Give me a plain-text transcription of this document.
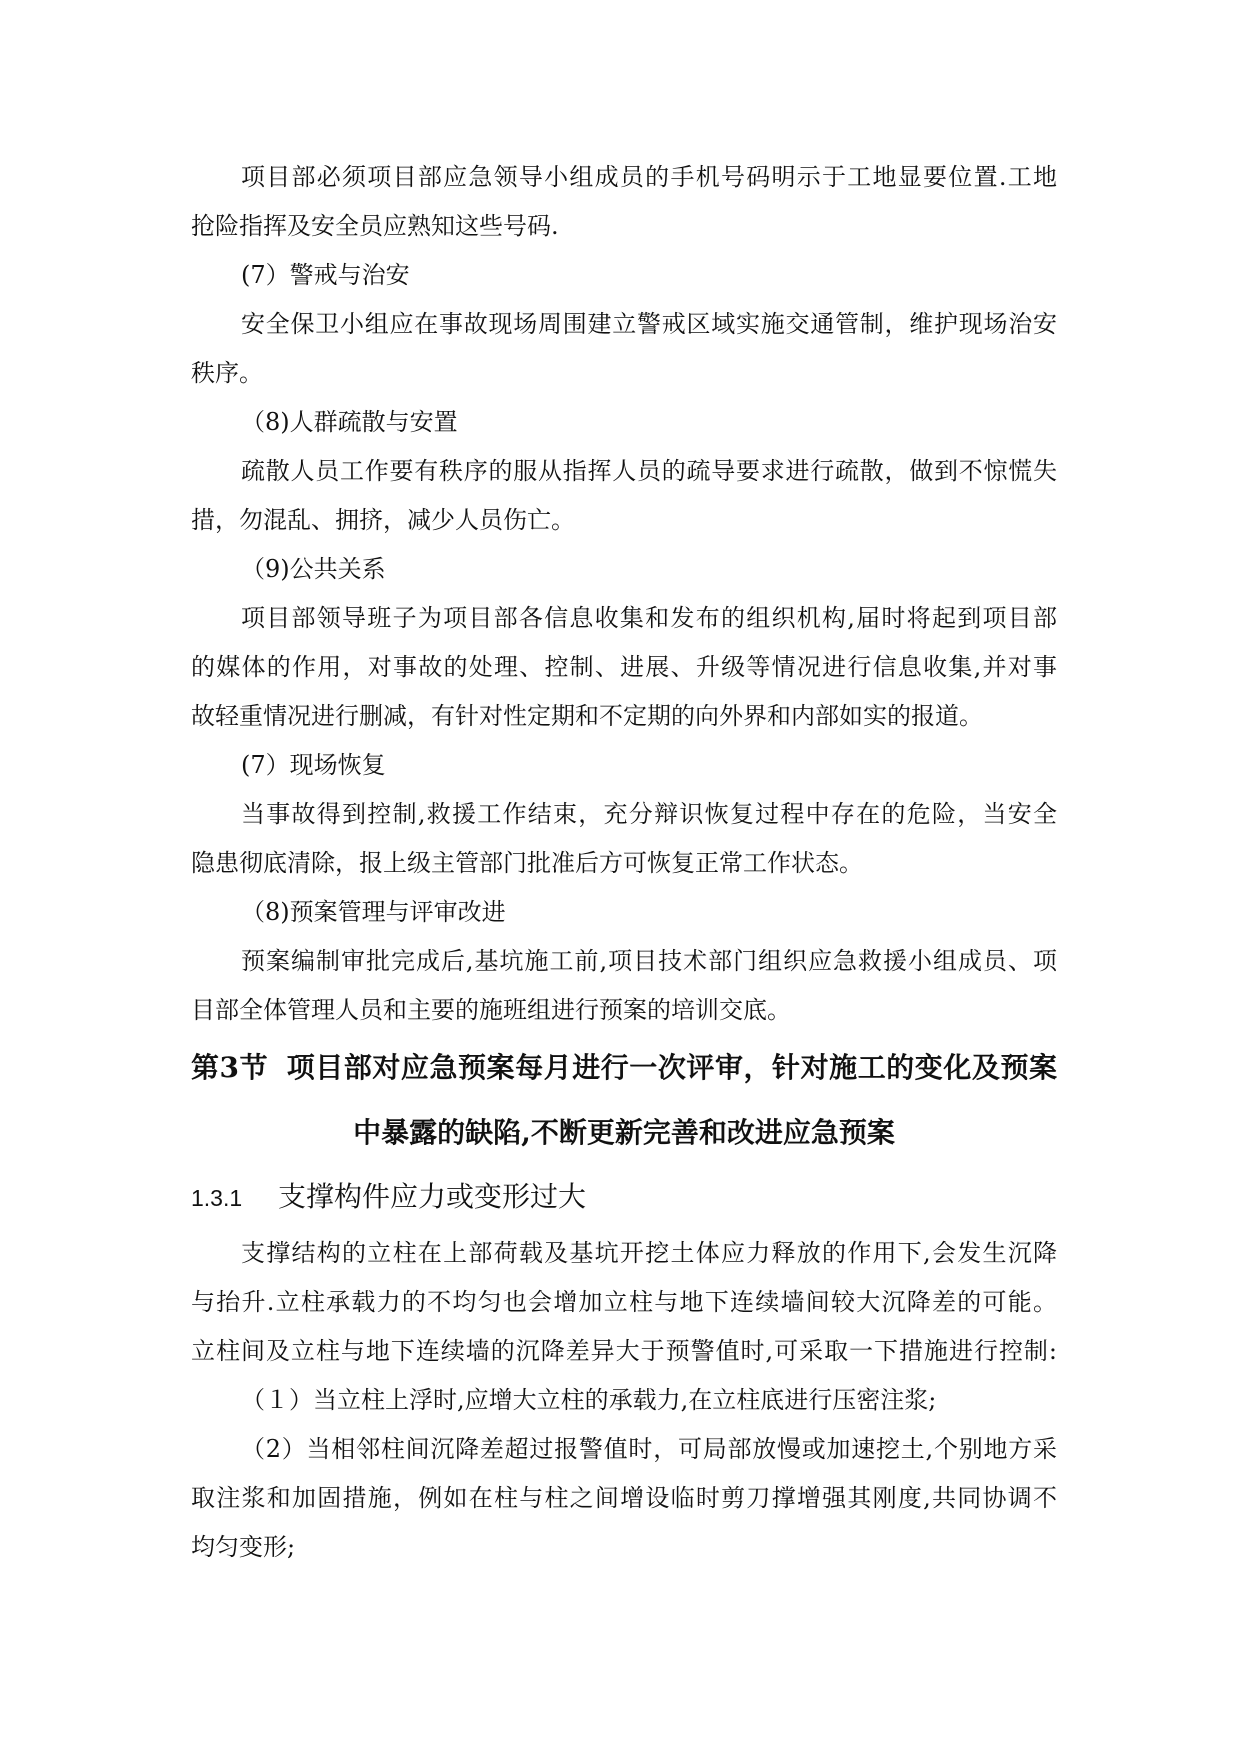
项目部必须项目部应急领导小组成员的手机号码明示于工地显要位置.工地
抢险指挥及安全员应熟知这些号码.
(7）警戒与治安
安全保卫小组应在事故现场周围建立警戒区域实施交通管制，维护现场治安
秩序。
（8)人群疏散与安置
疏散人员工作要有秩序的服从指挥人员的疏导要求进行疏散，做到不惊慌失
措，勿混乱、拥挤，减少人员伤亡。
（9)公共关系
项目部领导班子为项目部各信息收集和发布的组织机构,届时将起到项目部
的媒体的作用，对事故的处理、控制、进展、升级等情况进行信息收集,并对事
故轻重情况进行删减，有针对性定期和不定期的向外界和内部如实的报道。
(7）现场恢复
当事故得到控制,救援工作结束，充分辩识恢复过程中存在的危险，当安全
隐患彻底清除，报上级主管部门批准后方可恢复正常工作状态。
（8)预案管理与评审改进
预案编制审批完成后,基坑施工前,项目技术部门组织应急救援小组成员、项
目部全体管理人员和主要的施班组进行预案的培训交底。
第3节 项目部对应急预案每月进行一次评审，针对施工的变化及预案
中暴露的缺陷,不断更新完善和改进应急预案
1.3.1 支撑构件应力或变形过大
支撑结构的立柱在上部荷载及基坑开挖土体应力释放的作用下,会发生沉降
与抬升.立柱承载力的不均匀也会增加立柱与地下连续墙间较大沉降差的可能。
立柱间及立柱与地下连续墙的沉降差异大于预警值时,可采取一下措施进行控制:
（１）当立柱上浮时,应增大立柱的承载力,在立柱底进行压密注浆;
（2）当相邻柱间沉降差超过报警值时，可局部放慢或加速挖土,个别地方采
取注浆和加固措施，例如在柱与柱之间增设临时剪刀撑增强其刚度,共同协调不
均匀变形;
